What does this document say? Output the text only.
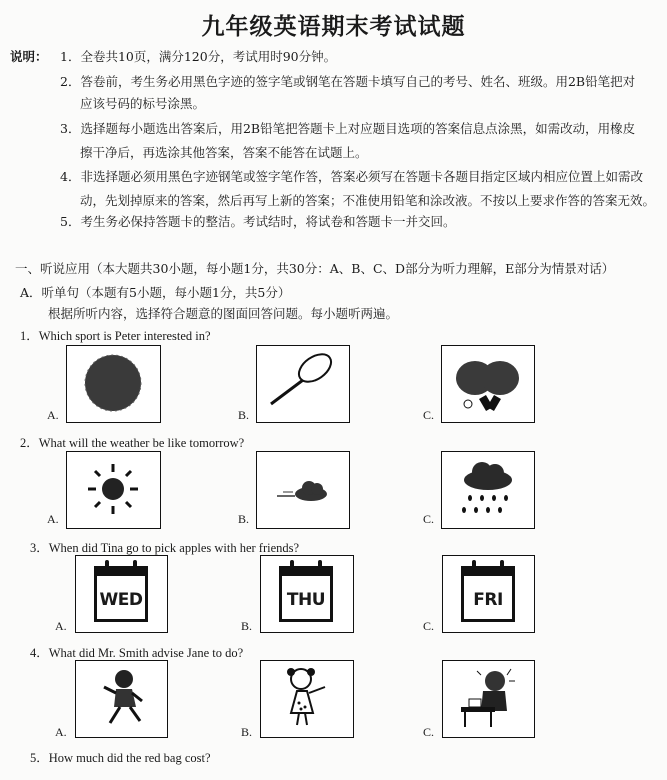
九年级英语期末考试试题
说明： 1．全卷共10页，满分120分，考试用时90分钟。
2．答卷前，考生务必用黑色字迹的签字笔或钢笔在答题卡填写自己的考号、姓名、班级。用2B铅笔把对
应该号码的标号涂黑。
3．选择题每小题选出答案后，用2B铅笔把答题卡上对应题目选项的答案信息点涂黑，如需改动，用橡皮
擦干净后，再选涂其他答案，答案不能答在试题上。
4．非选择题必须用黑色字迹钢笔或签字笔作答，答案必须写在答题卡各题目指定区域内相应位置上如需改
动，先划掉原来的答案，然后再写上新的答案；不准使用铅笔和涂改液。不按以上要求作答的答案无效。
5．考生务必保持答题卡的整洁。考试结时，将试卷和答题卡一并交回。
一、听说应用（本大题共30小题，每小题1分，共30分：A、B、C、D部分为听力理解，E部分为情景对话）
A．听单句（本题有5小题，每小题1分，共5分）
根据所听内容，选择符合题意的图面回答问题。每小题听两遍。
1．Which sport is Peter interested in?
A.	B.	C.
2．What will the weather be like tomorrow?
A.	B.	C.
3．When did Tina go to pick apples with her friends?
WED
A.
THU
B.
FRI
C.
4．What did Mr. Smith advise Jane to do?
A.	B.	C.
5．How much did the red bag cost?
